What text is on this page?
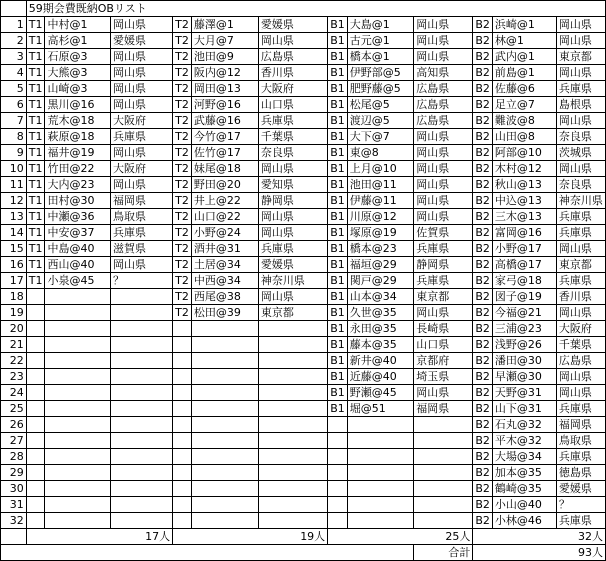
	59期会費既納OBリスト											
1	T1	中村@1	岡山県	T2	藤澤@1	愛媛県	B1	大島@1	岡山県	B2	浜崎@1	岡山県
2	T1	高杉@1	愛媛県	T2	大月@7	岡山県	B1	古元@1	岡山県	B2	林@1	岡山県
3	T1	石原@3	岡山県	T2	池田@9	広島県	B1	橋本@1	岡山県	B2	武内@1	東京都
4	T1	大熊@3	岡山県	T2	阪内@12	香川県	B1	伊野部@5	高知県	B2	前島@1	岡山県
5	T1	山崎@3	岡山県	T2	岡田@13	大阪府	B1	肥野藤@5	広島県	B2	佐藤@6	兵庫県
6	T1	黒川@16	岡山県	T2	河野@16	山口県	B1	松尾@5	広島県	B2	足立@7	島根県
7	T1	荒木@18	大阪府	T2	武藤@16	兵庫県	B1	渡辺@5	広島県	B2	難波@8	岡山県
8	T1	萩原@18	兵庫県	T2	今竹@17	千葉県	B1	大下@7	岡山県	B2	山田@8	奈良県
9	T1	福井@19	岡山県	T2	佐竹@17	奈良県	B1	東@8	岡山県	B2	阿部@10	茨城県
10	T1	竹田@22	大阪府	T2	妹尾@18	岡山県	B1	上月@10	岡山県	B2	木村@12	岡山県
11	T1	大内@23	岡山県	T2	野田@20	愛知県	B1	池田@11	岡山県	B2	秋山@13	奈良県
12	T1	田村@30	福岡県	T2	井上@22	静岡県	B1	伊藤@11	岡山県	B2	中込@13	神奈川県
13	T1	中瀬@36	鳥取県	T2	山口@22	岡山県	B1	川原@12	岡山県	B2	三木@13	兵庫県
14	T1	中安@37	兵庫県	T2	小野@24	岡山県	B1	塚原@19	佐賀県	B2	富岡@16	兵庫県
15	T1	中島@40	滋賀県	T2	酒井@31	兵庫県	B1	橋本@23	兵庫県	B2	小野@17	岡山県
16	T1	西山@40	岡山県	T2	土居@34	愛媛県	B1	福垣@29	静岡県	B2	高橋@17	東京都
17	T1	小泉@45	？	T2	中西@34	神奈川県	B1	関戸@29	兵庫県	B2	家弓@18	兵庫県
18				T2	西尾@38	岡山県	B1	山本@34	東京都	B2	図子@19	香川県
19				T2	松田@39	東京都	B1	久世@35	岡山県	B2	今福@21	岡山県
20							B1	永田@35	長崎県	B2	三浦@23	大阪府
21							B1	藤本@35	山口県	B2	浅野@26	千葉県
22							B1	新井@40	京都府	B2	潘田@30	広島県
23							B1	近藤@40	埼玉県	B2	早瀬@30	岡山県
24							B1	野瀬@45	岡山県	B2	天野@31	岡山県
25							B1	堀@51	福岡県	B2	山下@31	兵庫県
26										B2	石丸@32	福岡県
27										B2	平木@32	鳥取県
28										B2	大場@34	兵庫県
29										B2	加本@35	徳島県
30										B2	鶴崎@35	愛媛県
31										B2	小山@40	？
32										B2	小林@46	兵庫県
	17人			19人			25人			32人		
									合計	93人		
